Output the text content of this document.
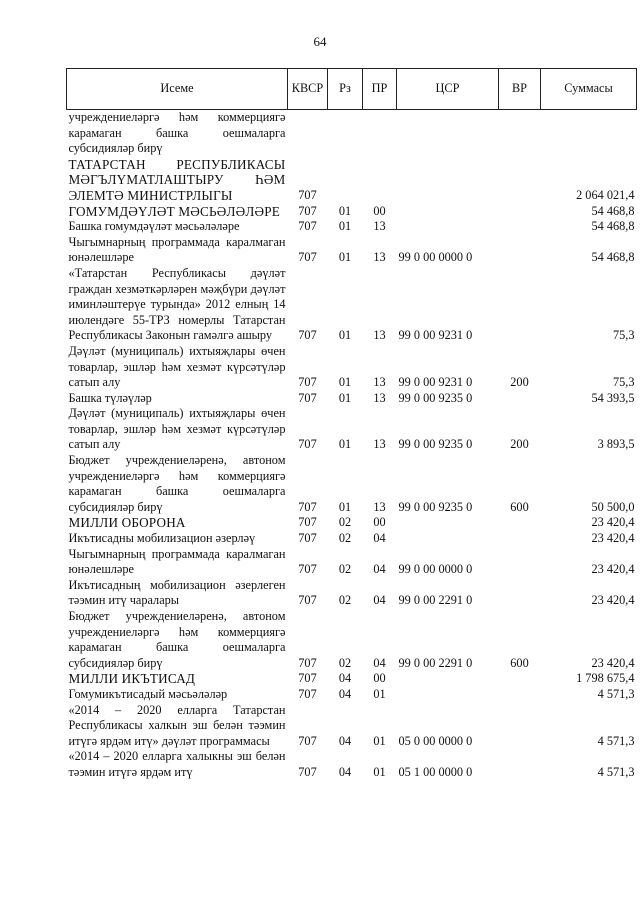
64
Исеме	КВСР	Рз	ПР	ЦСР	ВР	Суммасы
учреждениеләргә һәм коммерциягә карамаган башка оешмаларга субсидияләр бирү						
ТАТАРСТАН РЕСПУБЛИКАСЫ МӘГЪЛҮМАТЛАШТЫРУ ҺӘМ ЭЛЕМТӘ МИНИСТРЛЫГЫ	707					2 064 021,4
ГОМУМДӘҮЛӘТ МӘСЬӘЛӘЛӘРЕ	707	01	00			54 468,8
Башка гомумдәүләт мәсьәләләре	707	01	13			54 468,8
Чыгымнарның программада каралмаган юнәлешләре	707	01	13	99 0 00 0000 0		54 468,8
«Татарстан Республикасы дәүләт граждан хезмәткәрләрен мәҗбүри дәүләт иминләштерүе турында» 2012 елның 14 июлендәге 55-ТРЗ номерлы Татарстан Республикасы Законын гамәлгә ашыру	707	01	13	99 0 00 9231 0		75,3
Дәүләт (муниципаль) ихтыяҗлары өчен товарлар, эшләр һәм хезмәт күрсәтүләр сатып алу	707	01	13	99 0 00 9231 0	200	75,3
Башка түләүләр	707	01	13	99 0 00 9235 0		54 393,5
Дәүләт (муниципаль) ихтыяҗлары өчен товарлар, эшләр һәм хезмәт күрсәтүләр сатып алу	707	01	13	99 0 00 9235 0	200	3 893,5
Бюджет учреждениеләренә, автоном учреждениеләргә һәм коммерциягә карамаган башка оешмаларга субсидияләр бирү	707	01	13	99 0 00 9235 0	600	50 500,0
МИЛЛИ ОБОРОНА	707	02	00			23 420,4
Икътисадны мобилизацион әзерләү	707	02	04			23 420,4
Чыгымнарның программада каралмаган юнәлешләре	707	02	04	99 0 00 0000 0		23 420,4
Икътисадның мобилизацион әзерлеген тәэмин итү чаралары	707	02	04	99 0 00 2291 0		23 420,4
Бюджет учреждениеләренә, автоном учреждениеләргә һәм коммерциягә карамаган башка оешмаларга субсидияләр бирү	707	02	04	99 0 00 2291 0	600	23 420,4
МИЛЛИ ИКЪТИСАД	707	04	00			1 798 675,4
Гомумикътисадый мәсьәләләр	707	04	01			4 571,3
«2014 – 2020 елларга Татарстан Республикасы халкын эш белән тәэмин итүгә ярдәм итү» дәүләт программасы	707	04	01	05 0 00 0000 0		4 571,3
«2014 – 2020 елларга халыкны эш белән тәэмин итүгә ярдәм итү	707	04	01	05 1 00 0000 0		4 571,3
